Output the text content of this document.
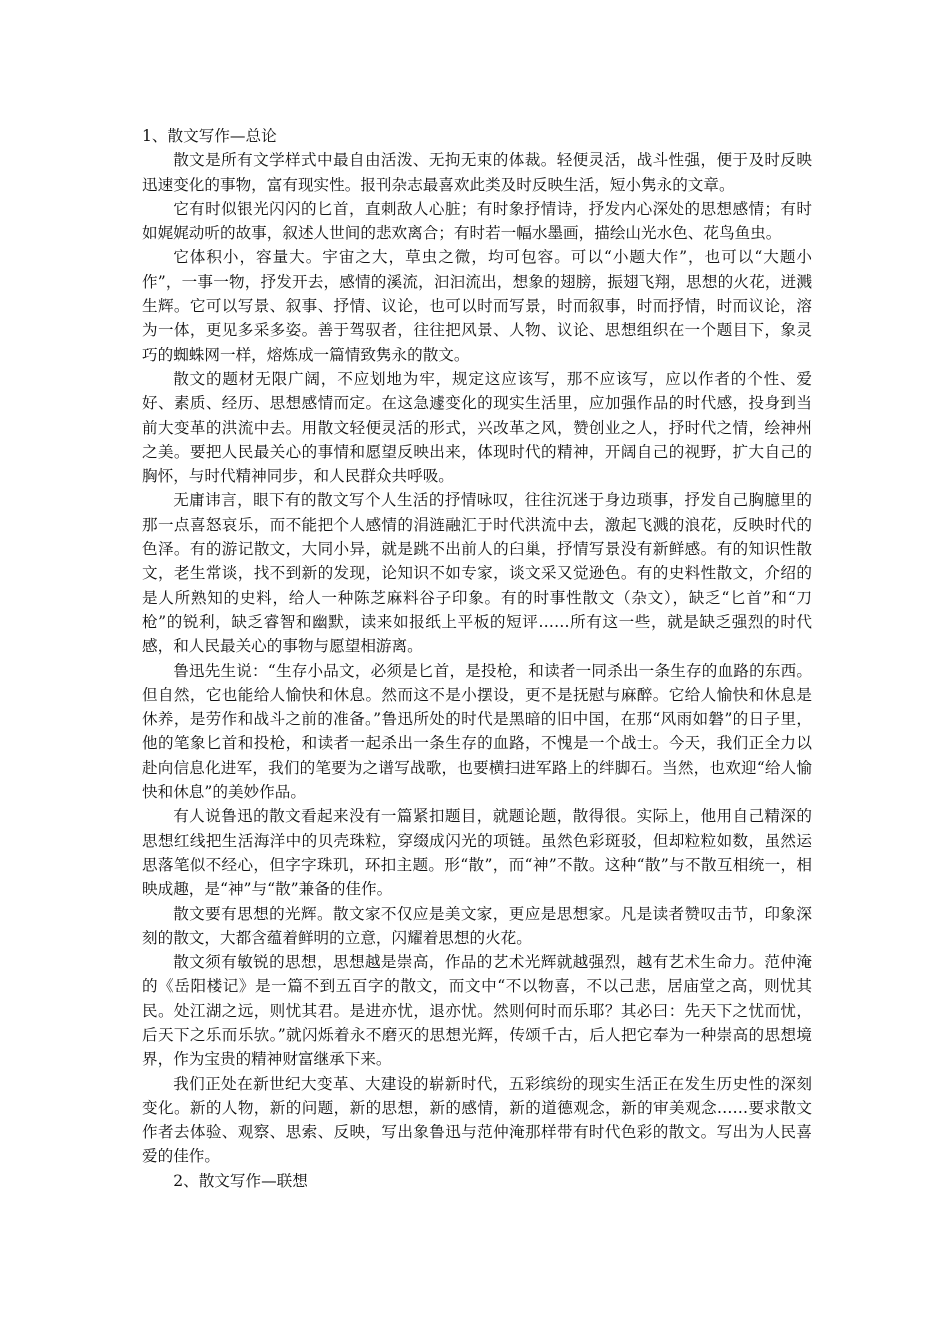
1、散文写作—总论

散文是所有文学样式中最自由活泼、无拘无束的体裁。轻便灵活，战斗性强，便于及时反映迅速变化的事物，富有现实性。报刊杂志最喜欢此类及时反映生活，短小隽永的文章。

它有时似银光闪闪的匕首，直刺敌人心脏；有时象抒情诗，抒发内心深处的思想感情；有时如娓娓动听的故事，叙述人世间的悲欢离合；有时若一幅水墨画，描绘山光水色、花鸟鱼虫。

它体积小，容量大。宇宙之大，草虫之微，均可包容。可以“小题大作”，也可以“大题小作”，一事一物，抒发开去，感情的溪流，汩汩流出，想象的翅膀，振翅飞翔，思想的火花，迸溅生辉。它可以写景、叙事、抒情、议论，也可以时而写景，时而叙事，时而抒情，时而议论，溶为一体，更见多采多姿。善于驾驭者，往往把风景、人物、议论、思想组织在一个题目下，象灵巧的蜘蛛网一样，熔炼成一篇情致隽永的散文。

散文的题材无限广阔，不应划地为牢，规定这应该写，那不应该写，应以作者的个性、爱好、素质、经历、思想感情而定。在这急遽变化的现实生活里，应加强作品的时代感，投身到当前大变革的洪流中去。用散文轻便灵活的形式，兴改革之风，赞创业之人，抒时代之情，绘神州之美。要把人民最关心的事情和愿望反映出来，体现时代的精神，开阔自己的视野，扩大自己的胸怀，与时代精神同步，和人民群众共呼吸。

无庸讳言，眼下有的散文写个人生活的抒情咏叹，往往沉迷于身边琐事，抒发自己胸臆里的那一点喜怒哀乐，而不能把个人感情的涓涟融汇于时代洪流中去，激起飞溅的浪花，反映时代的色泽。有的游记散文，大同小异，就是跳不出前人的臼巢，抒情写景没有新鲜感。有的知识性散文，老生常谈，找不到新的发现，论知识不如专家，谈文采又觉逊色。有的史料性散文，介绍的是人所熟知的史料，给人一种陈芝麻料谷子印象。有的时事性散文（杂文），缺乏“匕首”和“刀枪”的锐利，缺乏睿智和幽默，读来如报纸上平板的短评……所有这一些，就是缺乏强烈的时代感，和人民最关心的事物与愿望相游离。

鲁迅先生说：“生存小品文，必须是匕首，是投枪，和读者一同杀出一条生存的血路的东西。但自然，它也能给人愉快和休息。然而这不是小摆设，更不是抚慰与麻醉。它给人愉快和休息是休养，是劳作和战斗之前的准备。”鲁迅所处的时代是黑暗的旧中国，在那“风雨如磐”的日子里，他的笔象匕首和投枪，和读者一起杀出一条生存的血路，不愧是一个战士。今天，我们正全力以赴向信息化进军，我们的笔要为之谱写战歌，也要横扫进军路上的绊脚石。当然，也欢迎“给人愉快和休息”的美妙作品。

有人说鲁迅的散文看起来没有一篇紧扣题目，就题论题，散得很。实际上，他用自己精深的思想红线把生活海洋中的贝壳珠粒，穿缀成闪光的项链。虽然色彩斑驳，但却粒粒如数，虽然运思落笔似不经心，但字字珠玑，环扣主题。形“散”，而“神”不散。这种“散”与不散互相统一，相映成趣，是“神”与“散”兼备的佳作。

散文要有思想的光辉。散文家不仅应是美文家，更应是思想家。凡是读者赞叹击节，印象深刻的散文，大都含蕴着鲜明的立意，闪耀着思想的火花。

散文须有敏锐的思想，思想越是崇高，作品的艺术光辉就越强烈，越有艺术生命力。范仲淹的《岳阳楼记》是一篇不到五百字的散文，而文中“不以物喜，不以己悲，居庙堂之高，则忧其民。处江湖之远，则忧其君。是进亦忧，退亦忧。然则何时而乐耶？其必曰：先天下之忧而忧，后天下之乐而乐欤。”就闪烁着永不磨灭的思想光辉，传颂千古，后人把它奉为一种崇高的思想境界，作为宝贵的精神财富继承下来。

我们正处在新世纪大变革、大建设的崭新时代，五彩缤纷的现实生活正在发生历史性的深刻变化。新的人物，新的问题，新的思想，新的感情，新的道德观念，新的审美观念……要求散文作者去体验、观察、思索、反映，写出象鲁迅与范仲淹那样带有时代色彩的散文。写出为人民喜爱的佳作。

2、散文写作—联想
